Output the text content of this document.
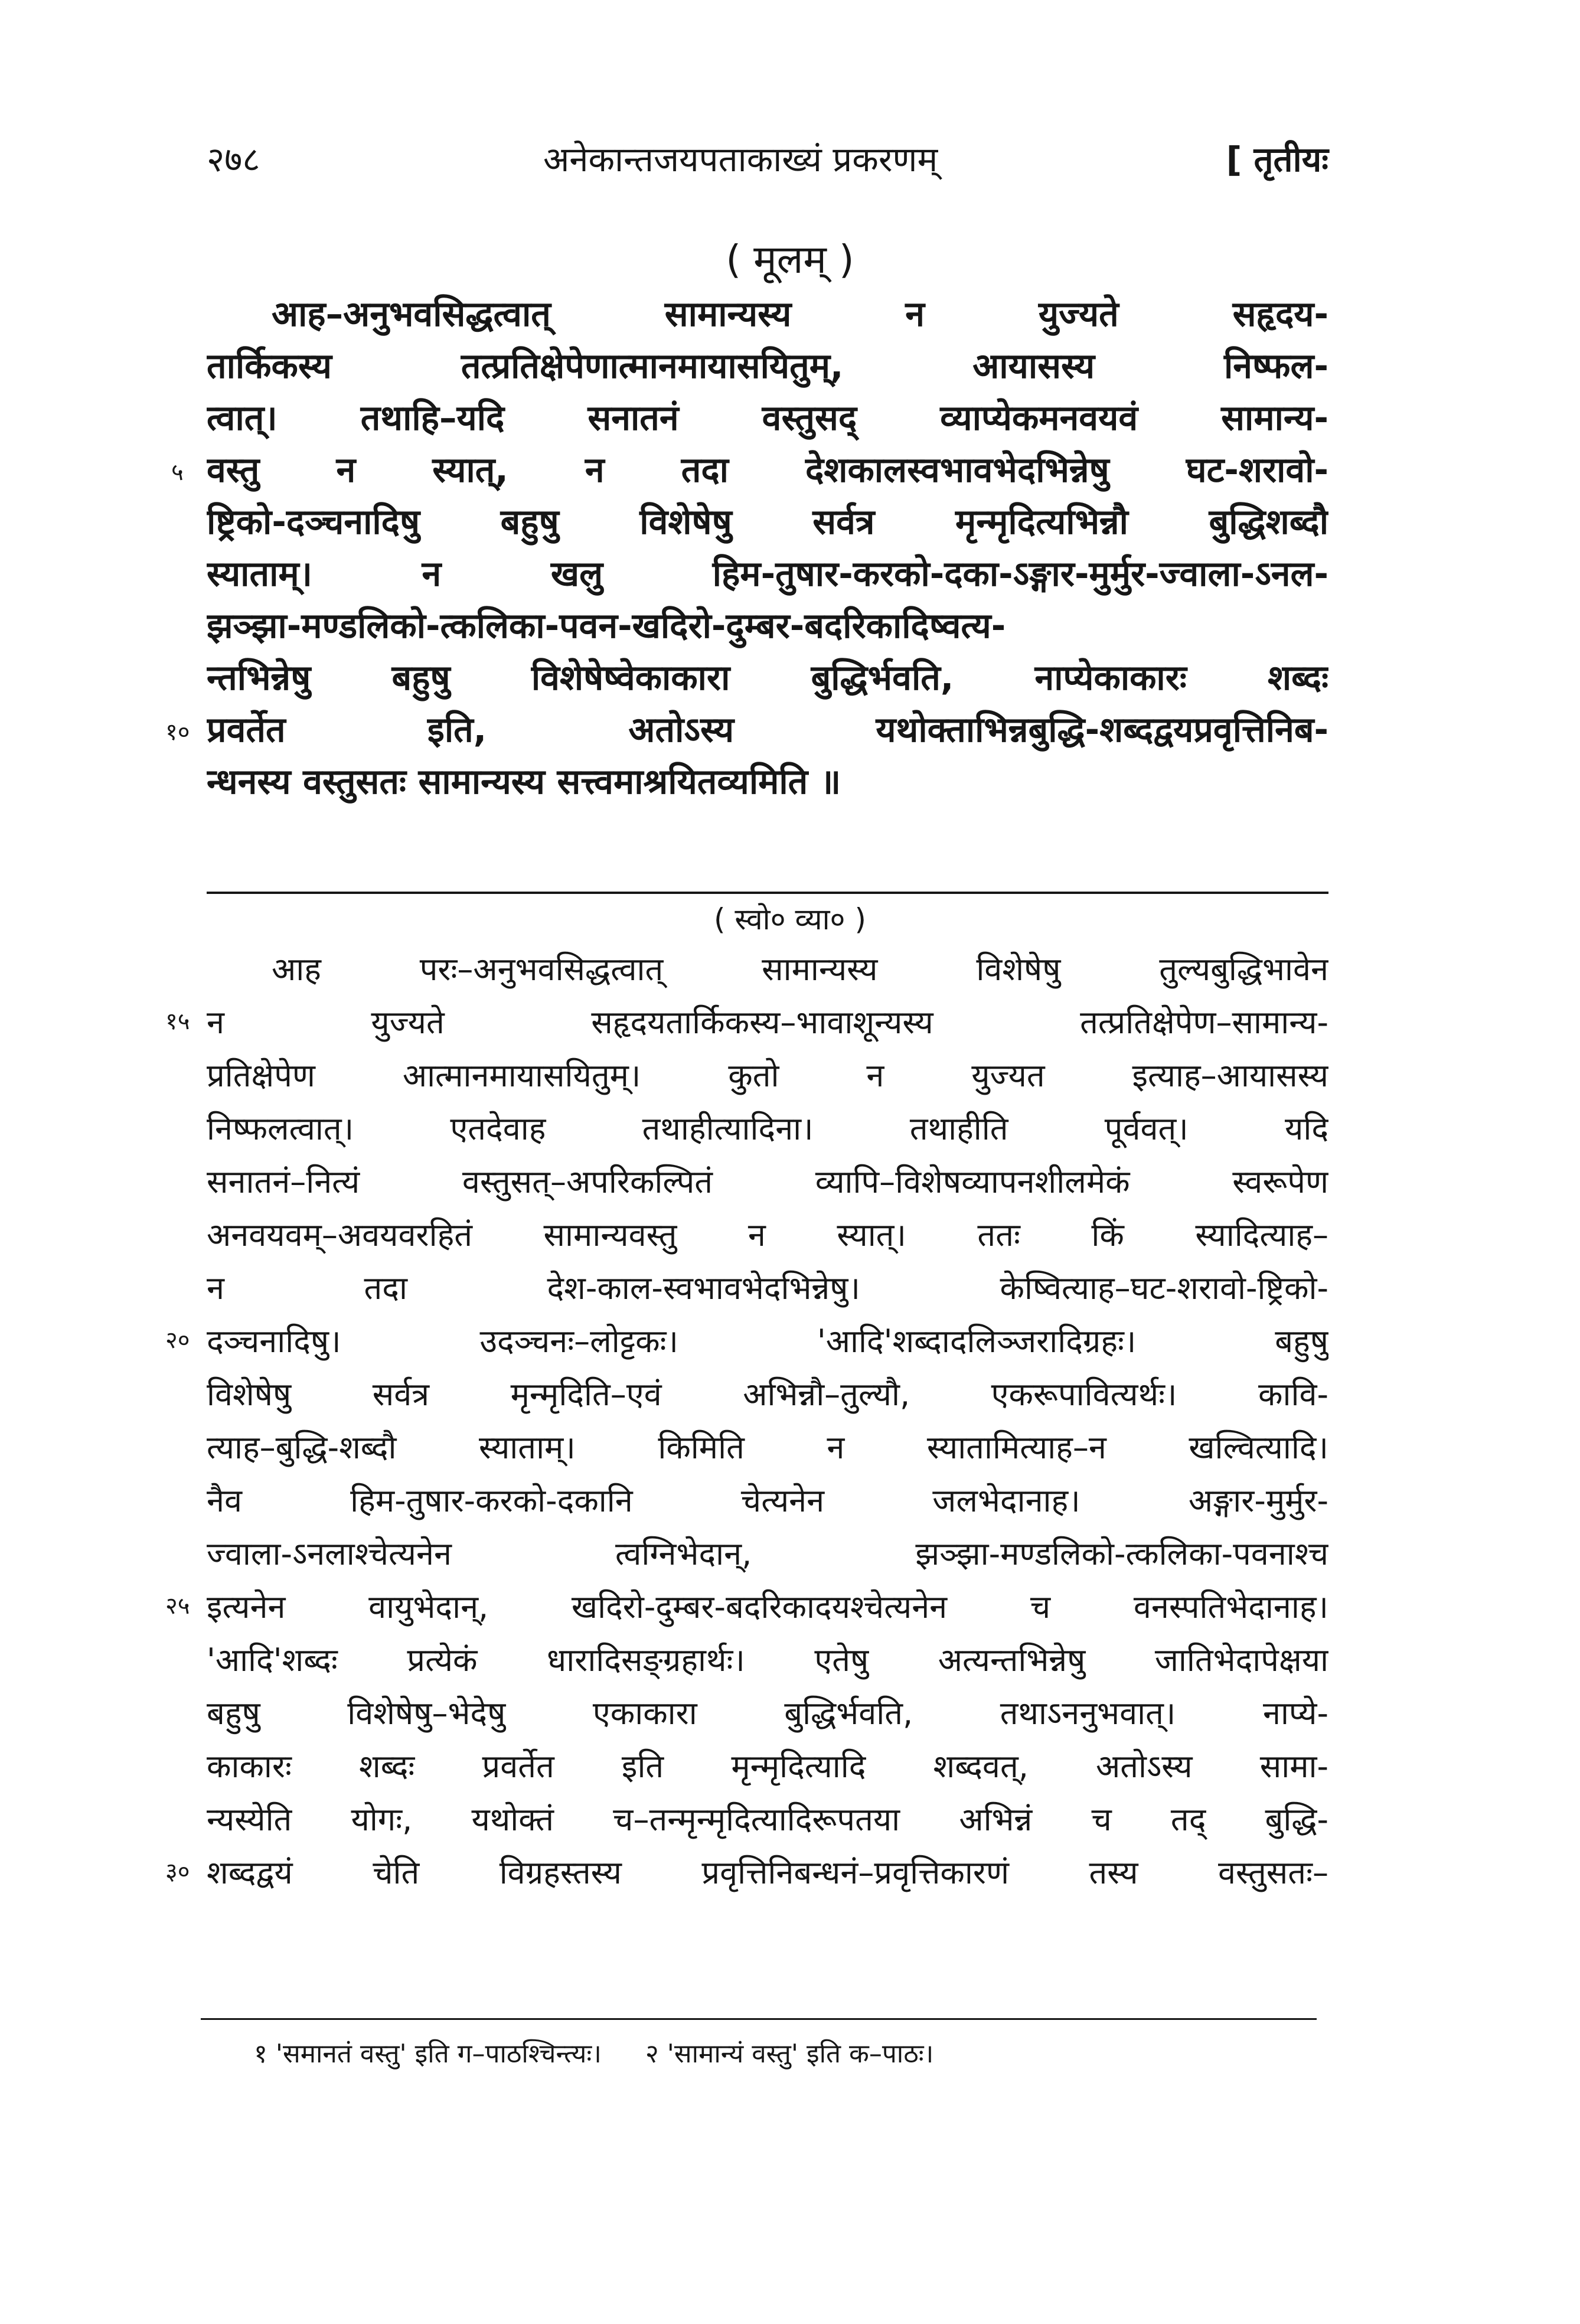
२७८	अनेकान्तजयपताकाख्यं प्रकरणम्	[ तृतीयः
( मूलम् )
आह–अनुभवसिद्धत्वात् सामान्यस्य न युज्यते सहृदय-
तार्किकस्य तत्प्रतिक्षेपेणात्मानमायासयितुम्, आयासस्य निष्फल-
त्वात्। तथाहि–यदि सनातनं वस्तुसद् व्याप्येकमनवयवं सामान्य-
वस्तु न स्यात्, न तदा देशकालस्वभावभेदभिन्नेषु घट-शरावो-
ष्ट्रिको-दञ्चनादिषु बहुषु विशेषेषु सर्वत्र मृन्मृदित्यभिन्नौ बुद्धिशब्दौ
स्याताम्। न खलु हिम-तुषार-करको-दका-ऽङ्गार-मुर्मुर-ज्वाला-ऽनल-
झञ्झा-मण्डलिको-त्कलिका-पवन-खदिरो-दुम्बर-बदरिकादिष्वत्य-
न्तभिन्नेषु बहुषु विशेषेष्वेकाकारा बुद्धिर्भवति, नाप्येकाकारः शब्दः
प्रवर्तेत इति, अतोऽस्य यथोक्ताभिन्नबुद्धि-शब्दद्वयप्रवृत्तिनिब-
न्धनस्य वस्तुसतः सामान्यस्य सत्त्वमाश्रयितव्यमिति ॥
५
१०
( स्वो० व्या० )
आह परः–अनुभवसिद्धत्वात् सामान्यस्य विशेषेषु तुल्यबुद्धिभावेन
न युज्यते सहृदयतार्किकस्य–भावाशून्यस्य तत्प्रतिक्षेपेण–सामान्य-
प्रतिक्षेपेण आत्मानमायासयितुम्। कुतो न युज्यत इत्याह–आयासस्य
निष्फलत्वात्। एतदेवाह तथाहीत्यादिना। तथाहीति पूर्ववत्। यदि
सनातनं–नित्यं वस्तुसत्–अपरिकल्पितं व्यापि–विशेषव्यापनशीलमेकं स्वरूपेण
अनवयवम्–अवयवरहितं सामान्यवस्तु न स्यात्। ततः किं स्यादित्याह–
न तदा देश-काल-स्वभावभेदभिन्नेषु। केष्वित्याह–घट-शरावो-ष्ट्रिको-
दञ्चनादिषु। उदञ्चनः–लोट्टकः। 'आदि'शब्दादलिञ्जरादिग्रहः। बहुषु
विशेषेषु सर्वत्र मृन्मृदिति–एवं अभिन्नौ–तुल्यौ, एकरूपावित्यर्थः। कावि-
त्याह–बुद्धि-शब्दौ स्याताम्। किमिति न स्यातामित्याह–न खल्वित्यादि।
नैव हिम-तुषार-करको-दकानि चेत्यनेन जलभेदानाह। अङ्गार-मुर्मुर-
ज्वाला-ऽनलाश्चेत्यनेन त्वग्निभेदान्, झञ्झा-मण्डलिको-त्कलिका-पवनाश्च
इत्यनेन वायुभेदान्, खदिरो-दुम्बर-बदरिकादयश्चेत्यनेन च वनस्पतिभेदानाह।
'आदि'शब्दः प्रत्येकं धारादिसङ्ग्रहार्थः। एतेषु अत्यन्तभिन्नेषु जातिभेदापेक्षया
बहुषु विशेषेषु–भेदेषु एकाकारा बुद्धिर्भवति, तथाऽननुभवात्। नाप्ये-
काकारः शब्दः प्रवर्तेत इति मृन्मृदित्यादि शब्दवत्, अतोऽस्य सामा-
न्यस्येति योगः, यथोक्तं च–तन्मृन्मृदित्यादिरूपतया अभिन्नं च तद् बुद्धि-
शब्दद्वयं चेति विग्रहस्तस्य प्रवृत्तिनिबन्धनं–प्रवृत्तिकारणं तस्य वस्तुसतः–
१५
२०
२५
३०
१ 'समानतं वस्तु' इति ग–पाठश्चिन्त्यः। २ 'सामान्यं वस्तु' इति क–पाठः।
